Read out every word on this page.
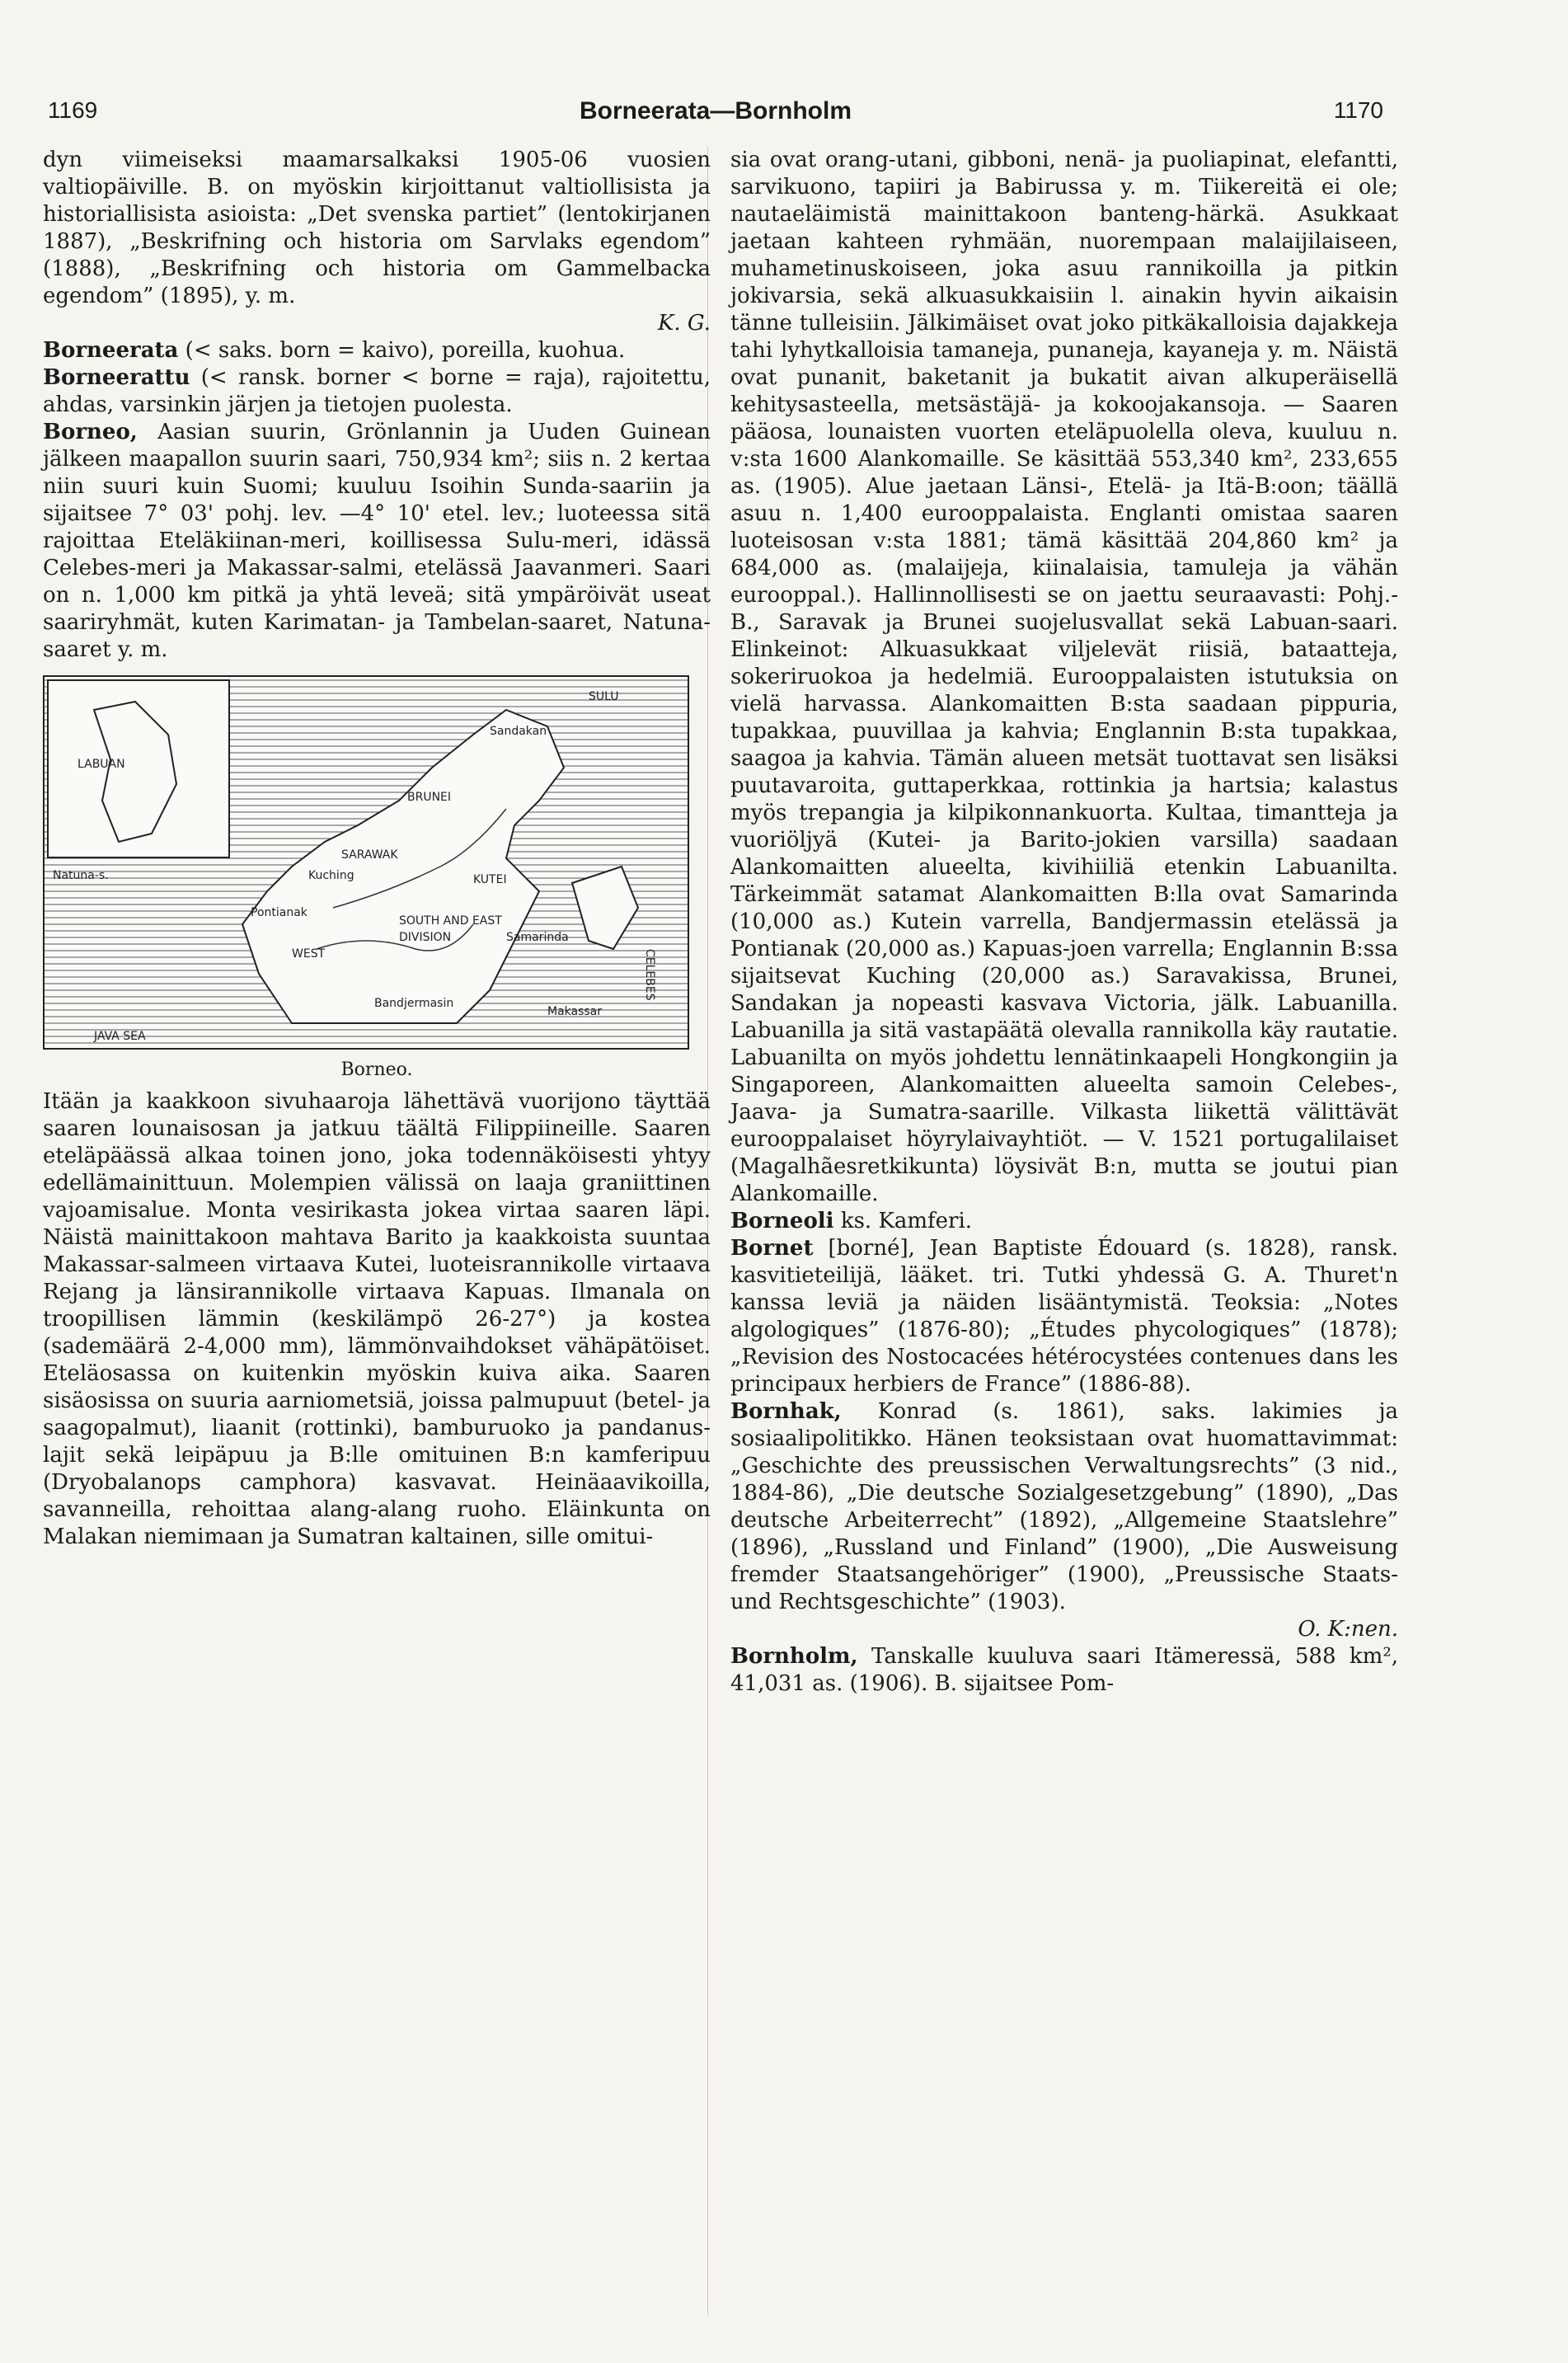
1169	Borneerata—Bornholm	1170

dyn viimeiseksi maamarsalkaksi 1905-06 vuosien valtiopäiville. B. on myöskin kirjoittanut valtiollisista ja historiallisista asioista: „Det svenska partiet” (lentokirjanen 1887), „Beskrifning och historia om Sarvlaks egendom” (1888), „Beskrifning och historia om Gammelbacka egendom” (1895), y. m.

K. G.

Borneerata (< saks. born = kaivo), poreilla, kuohua.

Borneerattu (< ransk. borner < borne = raja), rajoitettu, ahdas, varsinkin järjen ja tietojen puolesta.

Borneo, Aasian suurin, Grönlannin ja Uuden Guinean jälkeen maapallon suurin saari, 750,934 km²; siis n. 2 kertaa niin suuri kuin Suomi; kuuluu Isoihin Sunda-saariin ja sijaitsee 7° 03' pohj. lev. —4° 10' etel. lev.; luoteessa sitä rajoittaa Eteläkiinan-meri, koillisessa Sulu-meri, idässä Celebes-meri ja Makassar-salmi, etelässä Jaavanmeri. Saari on n. 1,000 km pitkä ja yhtä leveä; sitä ympäröivät useat saariryhmät, kuten Karimatan- ja Tambelan-saaret, Natuna-saaret y. m.

LABUAN
Natuna-s.
SULU
BRUNEI
Sandakan
SARAWAK
KUTEI
CELEBES
JAVA SEA
WEST
SOUTH AND EAST
DIVISION
Pontianak
Bandjermasin
Samarinda
Makassar
Kuching
Borneo.

Itään ja kaakkoon sivuhaaroja lähettävä vuorijono täyttää saaren lounaisosan ja jatkuu täältä Filippiineille. Saaren eteläpäässä alkaa toinen jono, joka todennäköisesti yhtyy edellämainittuun. Molempien välissä on laaja graniittinen vajoamisalue. Monta vesirikasta jokea virtaa saaren läpi. Näistä mainittakoon mahtava Barito ja kaakkoista suuntaa Makassar-salmeen virtaava Kutei, luoteisrannikolle virtaava Rejang ja länsirannikolle virtaava Kapuas. Ilmanala on troopillisen lämmin (keskilämpö 26-27°) ja kostea (sademäärä 2-4,000 mm), lämmönvaihdokset vähäpätöiset. Eteläosassa on kuitenkin myöskin kuiva aika. Saaren sisäosissa on suuria aarniometsiä, joissa palmupuut (betel- ja saagopalmut), liaanit (rottinki), bamburuoko ja pandanus-lajit sekä leipäpuu ja B:lle omituinen B:n kamferipuu (Dryobalanops camphora) kasvavat. Heinäaavikoilla, savanneilla, rehoittaa alang-alang ruoho. Eläinkunta on Malakan niemimaan ja Sumatran kaltainen, sille omitui-

sia ovat orang-utani, gibboni, nenä- ja puoliapinat, elefantti, sarvikuono, tapiiri ja Babirussa y. m. Tiikereitä ei ole; nautaeläimistä mainittakoon banteng-härkä. Asukkaat jaetaan kahteen ryhmään, nuorempaan malaijilaiseen, muhametinuskoiseen, joka asuu rannikoilla ja pitkin jokivarsia, sekä alkuasukkaisiin l. ainakin hyvin aikaisin tänne tulleisiin. Jälkimäiset ovat joko pitkäkalloisia dajakkeja tahi lyhytkalloisia tamaneja, punaneja, kayaneja y. m. Näistä ovat punanit, baketanit ja bukatit aivan alkuperäisellä kehitysasteella, metsästäjä- ja kokoojakansoja. — Saaren pääosa, lounaisten vuorten eteläpuolella oleva, kuuluu n. v:sta 1600 Alankomaille. Se käsittää 553,340 km², 233,655 as. (1905). Alue jaetaan Länsi-, Etelä- ja Itä-B:oon; täällä asuu n. 1,400 eurooppalaista. Englanti omistaa saaren luoteisosan v:sta 1881; tämä käsittää 204,860 km² ja 684,000 as. (malaijeja, kiinalaisia, tamuleja ja vähän eurooppal.). Hallinnollisesti se on jaettu seuraavasti: Pohj.-B., Saravak ja Brunei suojelusvallat sekä Labuan-saari. Elinkeinot: Alkuasukkaat viljelevät riisiä, bataatteja, sokeriruokoa ja hedelmiä. Eurooppalaisten istutuksia on vielä harvassa. Alankomaitten B:sta saadaan pippuria, tupakkaa, puuvillaa ja kahvia; Englannin B:sta tupakkaa, saagoa ja kahvia. Tämän alueen metsät tuottavat sen lisäksi puutavaroita, guttaperkkaa, rottinkia ja hartsia; kalastus myös trepangia ja kilpikonnankuorta. Kultaa, timantteja ja vuoriöljyä (Kutei- ja Barito-jokien varsilla) saadaan Alankomaitten alueelta, kivihiiliä etenkin Labuanilta. Tärkeimmät satamat Alankomaitten B:lla ovat Samarinda (10,000 as.) Kutein varrella, Bandjermassin etelässä ja Pontianak (20,000 as.) Kapuas-joen varrella; Englannin B:ssa sijaitsevat Kuching (20,000 as.) Saravakissa, Brunei, Sandakan ja nopeasti kasvava Victoria, jälk. Labuanilla. Labuanilla ja sitä vastapäätä olevalla rannikolla käy rautatie. Labuanilta on myös johdettu lennätinkaapeli Hongkongiin ja Singaporeen, Alankomaitten alueelta samoin Celebes-, Jaava- ja Sumatra-saarille. Vilkasta liikettä välittävät eurooppalaiset höyrylaivayhtiöt. — V. 1521 portugalilaiset (Magalhãesretkikunta) löysivät B:n, mutta se joutui pian Alankomaille.

Borneoli ks. Kamferi.

Bornet [borné], Jean Baptiste Édouard (s. 1828), ransk. kasvitieteilijä, lääket. tri. Tutki yhdessä G. A. Thuret'n kanssa leviä ja näiden lisääntymistä. Teoksia: „Notes algologiques” (1876-80); „Études phycologiques” (1878); „Revision des Nostocacées hétérocystées contenues dans les principaux herbiers de France” (1886-88).

Bornhak, Konrad (s. 1861), saks. lakimies ja sosiaalipolitikko. Hänen teoksistaan ovat huomattavimmat: „Geschichte des preussischen Verwaltungsrechts” (3 nid., 1884-86), „Die deutsche Sozialgesetzgebung” (1890), „Das deutsche Arbeiterrecht” (1892), „Allgemeine Staatslehre” (1896), „Russland und Finland” (1900), „Die Ausweisung fremder Staatsangehöriger” (1900), „Preussische Staats- und Rechtsgeschichte” (1903).

O. K:nen.

Bornholm, Tanskalle kuuluva saari Itämeressä, 588 km², 41,031 as. (1906). B. sijaitsee Pom-
